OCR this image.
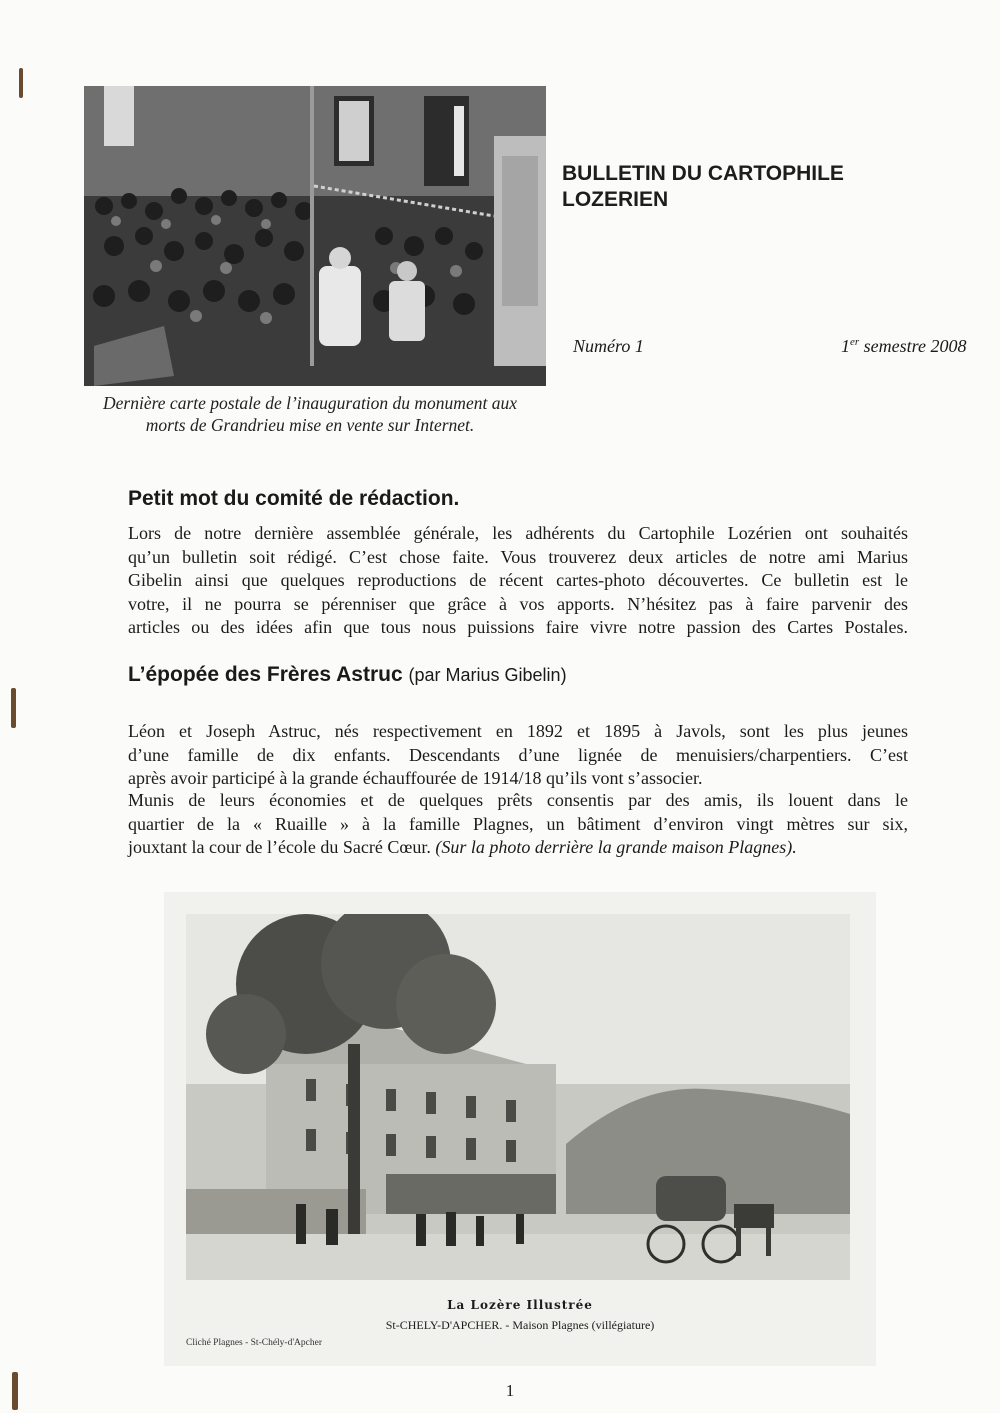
Dernière carte postale de l’inauguration du monument aux
morts de Grandrieu mise en vente sur Internet.
BULLETIN DU CARTOPHILE
LOZERIEN
Numéro 1	1er semestre 2008
Petit mot du comité de rédaction.
Lors de notre dernière assemblée générale, les adhérents du Cartophile Lozérien ont souhaités
qu’un bulletin soit rédigé. C’est chose faite. Vous trouverez deux articles de notre ami Marius
Gibelin ainsi que quelques reproductions de récent cartes-photo découvertes. Ce bulletin est le
votre, il ne pourra se pérenniser que grâce à vos apports. N’hésitez pas à faire parvenir des
articles ou des idées afin que tous nous puissions faire vivre notre passion des Cartes Postales.
L’épopée des Frères Astruc (par Marius Gibelin)
Léon et Joseph Astruc, nés respectivement en 1892 et 1895 à Javols, sont les plus jeunes
d’une famille de dix enfants. Descendants d’une lignée de menuisiers/charpentiers. C’est
après avoir participé à la grande échauffourée de 1914/18 qu’ils vont s’associer.
Munis de leurs économies et de quelques prêts consentis par des amis, ils louent dans le
quartier de la « Ruaille » à la famille Plagnes, un bâtiment d’environ vingt mètres sur six,
jouxtant la cour de l’école du Sacré Cœur. (Sur la photo derrière la grande maison Plagnes).
La Lozère Illustrée
St-CHELY-D'APCHER. - Maison Plagnes (villégiature)
Cliché Plagnes - St-Chély-d'Apcher
1
